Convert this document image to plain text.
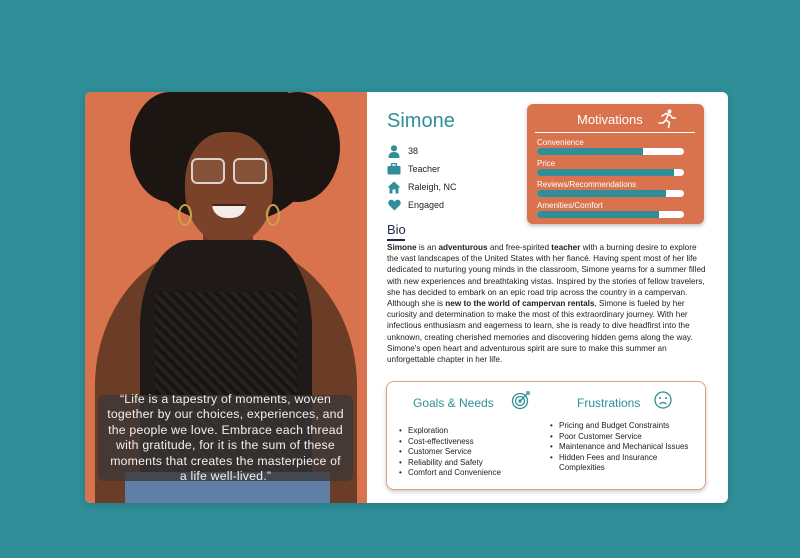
“Life is a tapestry of moments, woven together by our choices, experiences, and the people we love. Embrace each thread with gratitude, for it is the sum of these moments that creates the masterpiece of a life well-lived.”

Simone
38
Teacher
Raleigh, NC
Engaged
Motivations
Convenience
Price
Reviews/Recommendations
Amenities/Comfort
Bio

Simone is an adventurous and free-spirited teacher with a burning desire to explore the vast landscapes of the United States with her fiancé. Having spent most of her life dedicated to nurturing young minds in the classroom, Simone yearns for a summer filled with new experiences and breathtaking vistas. Inspired by the stories of fellow travelers, she has decided to embark on an epic road trip across the country in a campervan. Although she is new to the world of campervan rentals, Simone is fueled by her curiosity and determination to make the most of this extraordinary journey. With her infectious enthusiasm and eagerness to learn, she is ready to dive headfirst into the unknown, creating cherished memories and discovering hidden gems along the way. Simone's open heart and adventurous spirit are sure to make this summer an unforgettable chapter in her life.

Goals & Needs
• Exploration
• Cost-effectiveness
• Customer Service
• Reliability and Safety
• Comfort and Convenience
Frustrations
• Pricing and Budget Constraints
• Poor Customer Service
• Maintenance and Mechanical Issues
• Hidden Fees and Insurance Complexities
